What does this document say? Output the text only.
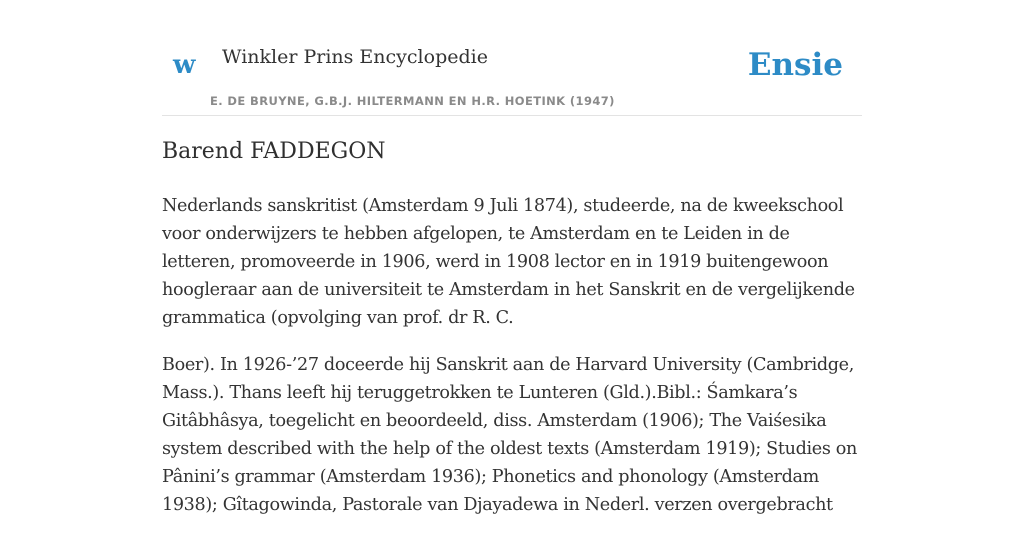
w Winkler Prins Encyclopedie
E. DE BRUYNE, G.B.J. HILTERMANN EN H.R. HOETINK (1947)
Ensie
Barend FADDEGON

Nederlands sanskritist (Amsterdam 9 Juli 1874), studeerde, na de kweekschool voor onderwijzers te hebben afgelopen, te Amsterdam en te Leiden in de letteren, promoveerde in 1906, werd in 1908 lector en in 1919 buitengewoon hoogleraar aan de universiteit te Amsterdam in het Sanskrit en de vergelijkende grammatica (opvolging van prof. dr R. C.

Boer). In 1926-’27 doceerde hij Sanskrit aan de Harvard University (Cambridge, Mass.). Thans leeft hij teruggetrokken te Lunteren (Gld.).Bibl.: Śamkara’s Gitâbhâsya, toegelicht en beoordeeld, diss. Amsterdam (1906); The Vaiśesika system described with the help of the oldest texts (Amsterdam 1919); Studies on Pânini’s grammar (Amsterdam 1936); Phonetics and phonology (Amsterdam 1938); Gîtagowinda, Pastorale van Djayadewa in Nederl. verzen overgebracht
